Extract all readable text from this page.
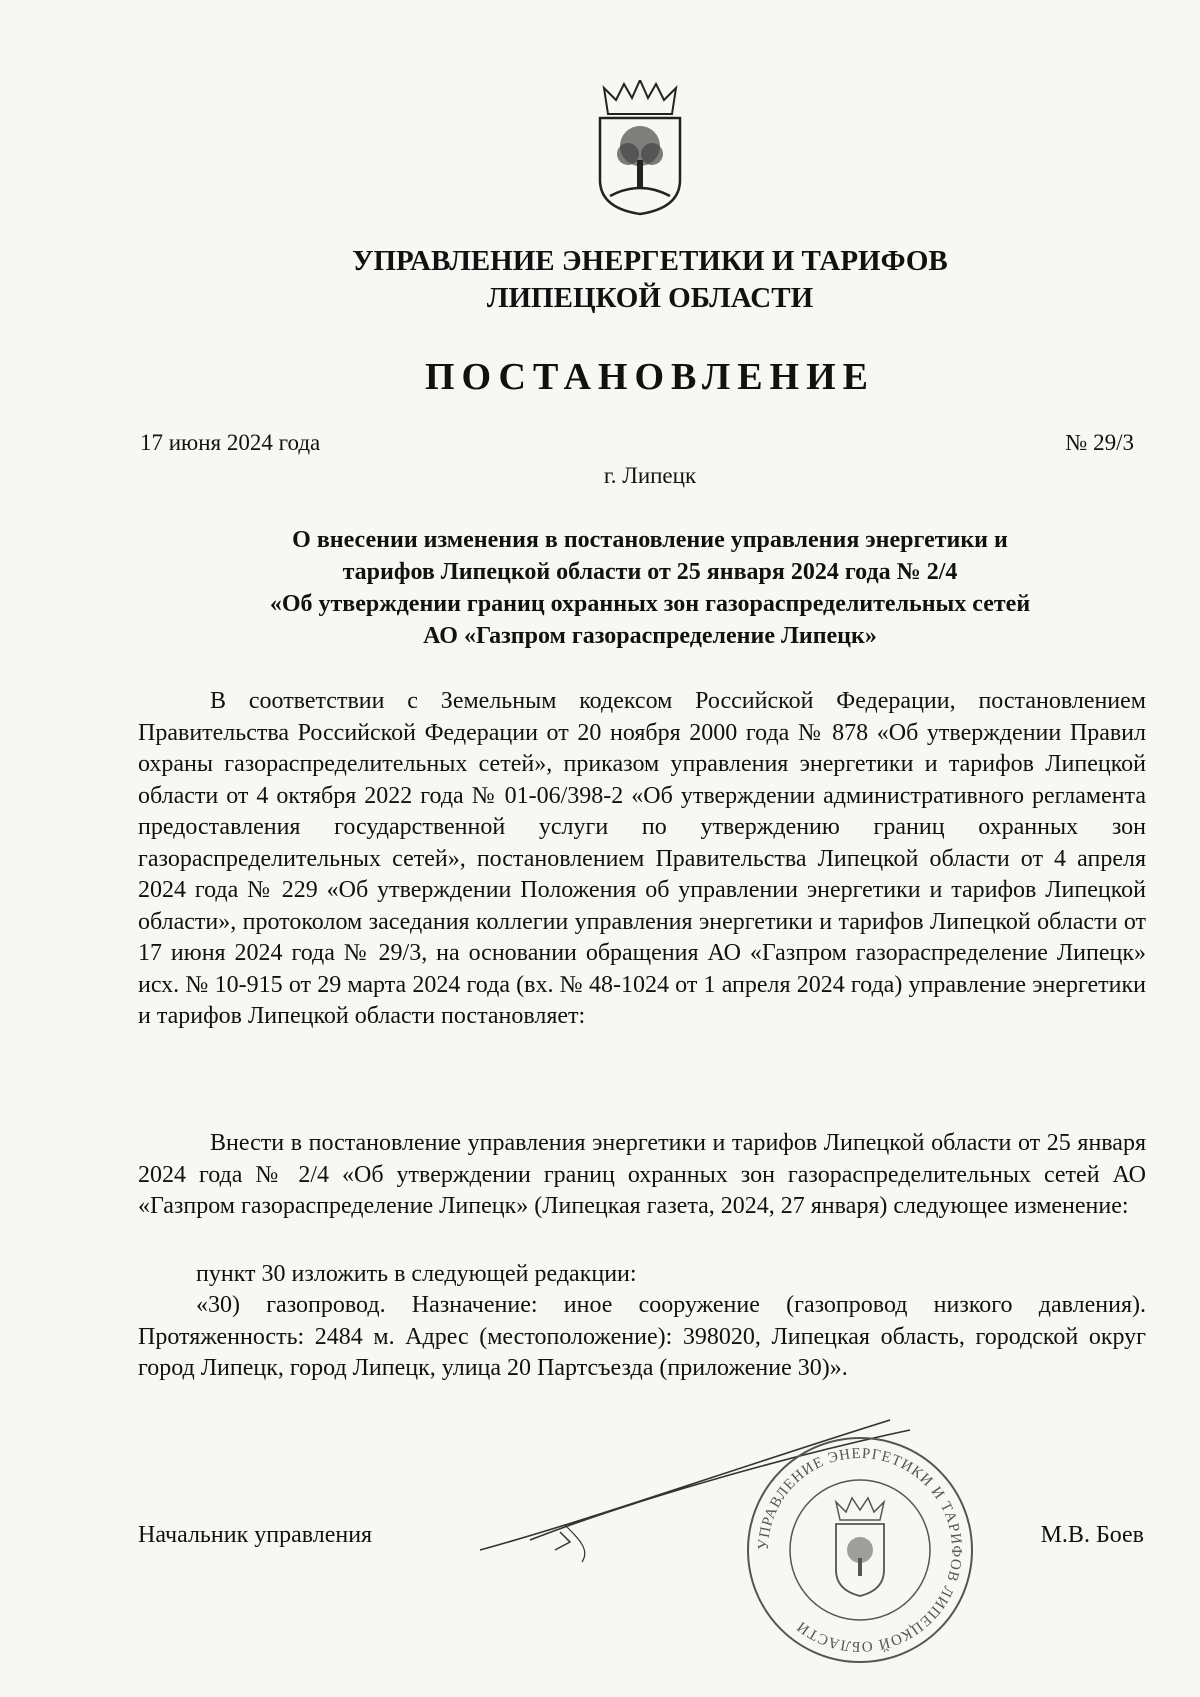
УПРАВЛЕНИЕ ЭНЕРГЕТИКИ И ТАРИФОВ
ЛИПЕЦКОЙ ОБЛАСТИ
ПОСТАНОВЛЕНИЕ
17 июня 2024 года	№ 29/3
г. Липецк
О внесении изменения в постановление управления энергетики и
тарифов Липецкой области от 25 января 2024 года № 2/4
«Об утверждении границ охранных зон газораспределительных сетей
АО «Газпром газораспределение Липецк»
В соответствии с Земельным кодексом Российской Федерации, постановлением Правительства Российской Федерации от 20 ноября 2000 года № 878 «Об утверждении Правил охраны газораспределительных сетей», приказом управления энергетики и тарифов Липецкой области от 4 октября 2022 года № 01-06/398-2 «Об утверждении административного регламента предоставления государственной услуги по утверждению границ охранных зон газораспределительных сетей», постановлением Правительства Липецкой области от 4 апреля 2024 года № 229 «Об утверждении Положения об управлении энергетики и тарифов Липецкой области», протоколом заседания коллегии управления энергетики и тарифов Липецкой области от 17 июня 2024 года № 29/3, на основании обращения АО «Газпром газораспределение Липецк» исх. № 10-915 от 29 марта 2024 года (вх. № 48-1024 от 1 апреля 2024 года) управление энергетики и тарифов Липецкой области постановляет:
Внести в постановление управления энергетики и тарифов Липецкой области от 25 января 2024 года № 2/4 «Об утверждении границ охранных зон газораспределительных сетей АО «Газпром газораспределение Липецк» (Липецкая газета, 2024, 27 января) следующее изменение:
пункт 30 изложить в следующей редакции:
«30) газопровод. Назначение: иное сооружение (газопровод низкого давления). Протяженность: 2484 м. Адрес (местоположение): 398020, Липецкая область, городской округ город Липецк, город Липецк, улица 20 Партсъезда (приложение 30)».
УПРАВЛЕНИЕ ЭНЕРГЕТИКИ И ТАРИФОВ ЛИПЕЦКОЙ ОБЛАСТИ
Начальник управления	М.В. Боев
